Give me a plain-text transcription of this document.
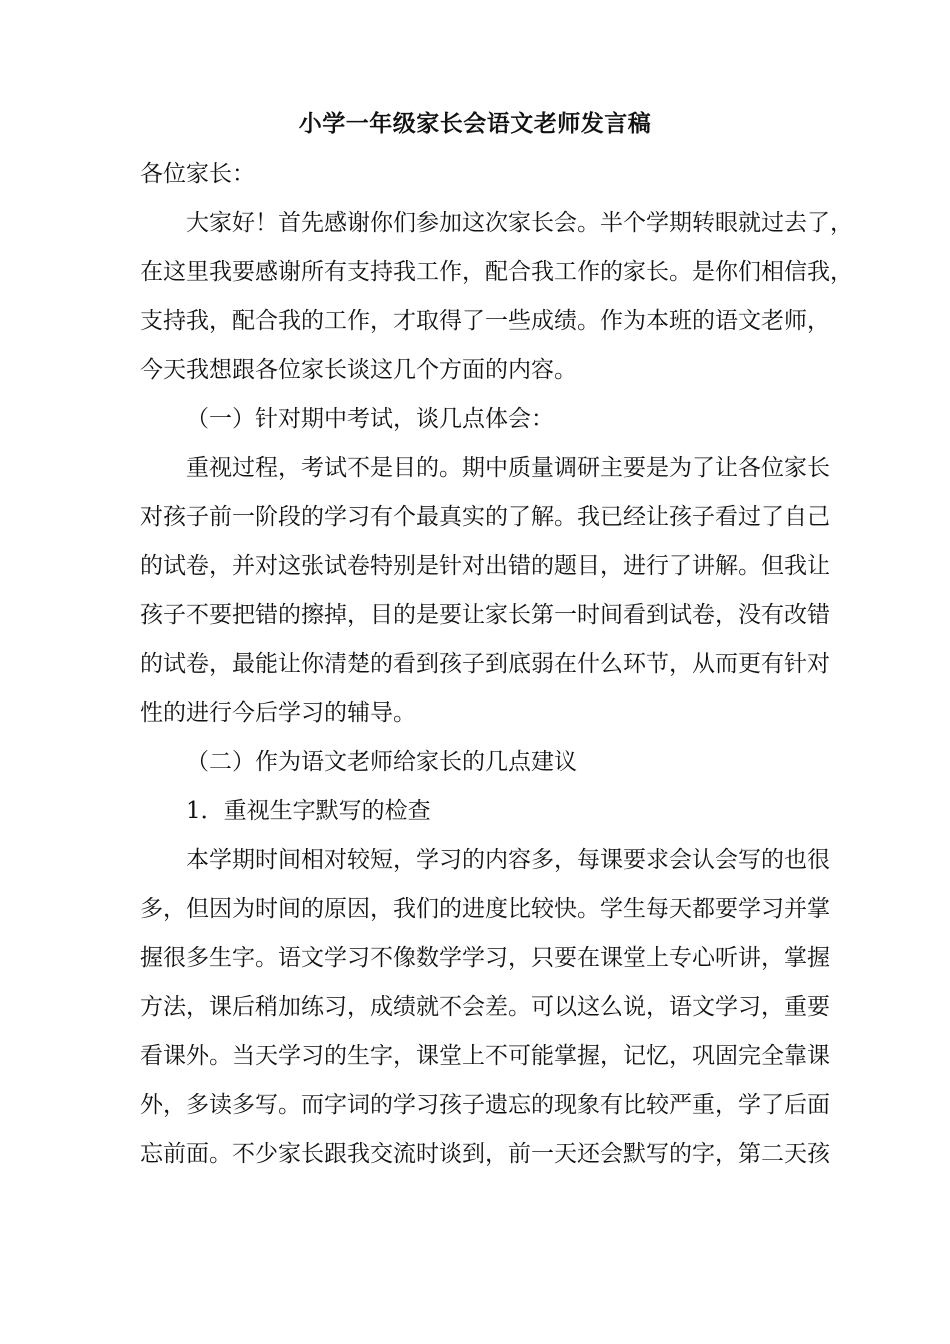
小学一年级家长会语文老师发言稿
各位家长：
大家好！首先感谢你们参加这次家长会。半个学期转眼就过去了，
在这里我要感谢所有支持我工作，配合我工作的家长。是你们相信我，
支持我，配合我的工作，才取得了一些成绩。作为本班的语文老师，
今天我想跟各位家长谈这几个方面的内容。
（一）针对期中考试，谈几点体会：
重视过程，考试不是目的。期中质量调研主要是为了让各位家长
对孩子前一阶段的学习有个最真实的了解。我已经让孩子看过了自己
的试卷，并对这张试卷特别是针对出错的题目，进行了讲解。但我让
孩子不要把错的擦掉，目的是要让家长第一时间看到试卷，没有改错
的试卷，最能让你清楚的看到孩子到底弱在什么环节，从而更有针对
性的进行今后学习的辅导。
（二）作为语文老师给家长的几点建议
1．重视生字默写的检查
本学期时间相对较短，学习的内容多，每课要求会认会写的也很
多，但因为时间的原因，我们的进度比较快。学生每天都要学习并掌
握很多生字。语文学习不像数学学习，只要在课堂上专心听讲，掌握
方法，课后稍加练习，成绩就不会差。可以这么说，语文学习，重要
看课外。当天学习的生字，课堂上不可能掌握，记忆，巩固完全靠课
外，多读多写。而字词的学习孩子遗忘的现象有比较严重，学了后面
忘前面。不少家长跟我交流时谈到，前一天还会默写的字，第二天孩
